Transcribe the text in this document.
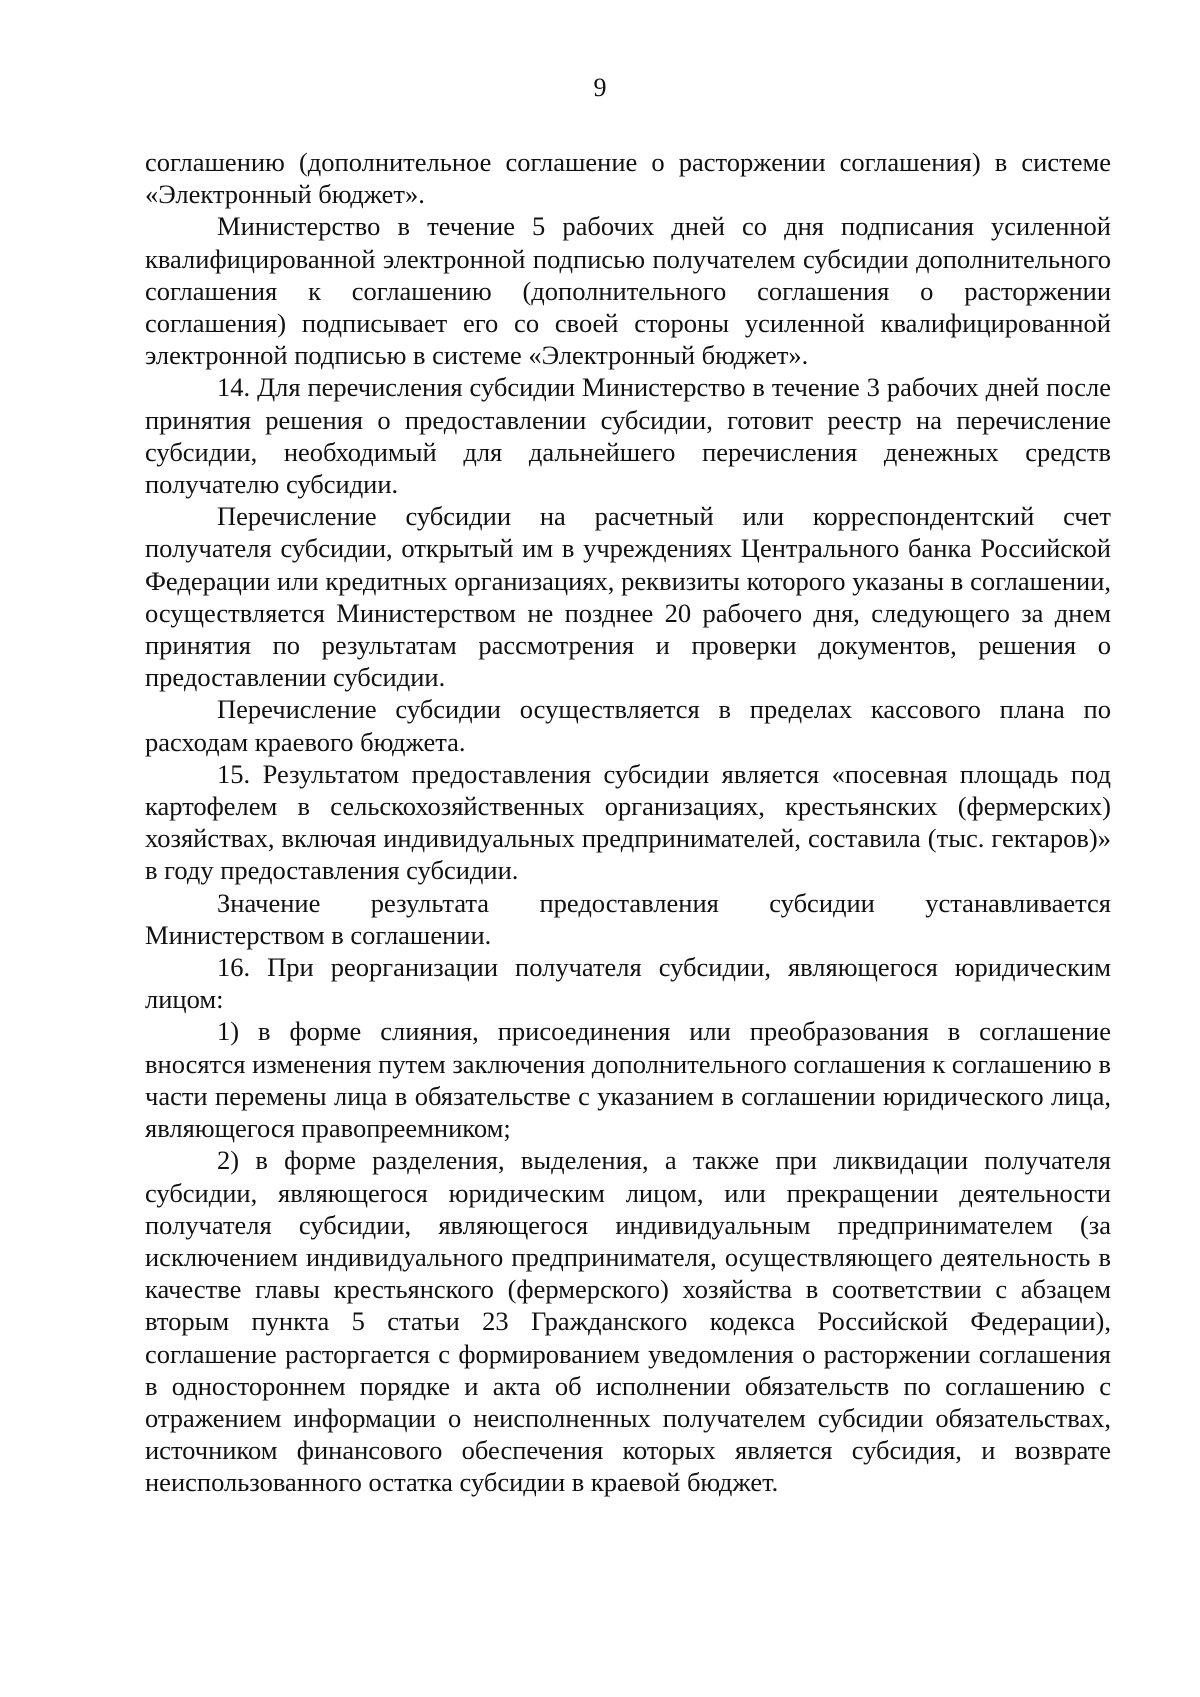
9

соглашению (дополнительное соглашение о расторжении соглашения) в системе «Электронный бюджет».

Министерство в течение 5 рабочих дней со дня подписания усиленной квалифицированной электронной подписью получателем субсидии дополнительного соглашения к соглашению (дополнительного соглашения о расторжении соглашения) подписывает его со своей стороны усиленной квалифицированной электронной подписью в системе «Электронный бюджет».

14. Для перечисления субсидии Министерство в течение 3 рабочих дней после принятия решения о предоставлении субсидии, готовит реестр на перечисление субсидии, необходимый для дальнейшего перечисления денежных средств получателю субсидии.

Перечисление субсидии на расчетный или корреспондентский счет получателя субсидии, открытый им в учреждениях Центрального банка Российской Федерации или кредитных организациях, реквизиты которого указаны в соглашении, осуществляется Министерством не позднее 20 рабочего дня, следующего за днем принятия по результатам рассмотрения и проверки документов, решения о предоставлении субсидии.

Перечисление субсидии осуществляется в пределах кассового плана по расходам краевого бюджета.

15. Результатом предоставления субсидии является «посевная площадь под картофелем в сельскохозяйственных организациях, крестьянских (фермерских) хозяйствах, включая индивидуальных предпринимателей, составила (тыс. гектаров)» в году предоставления субсидии.

Значение результата предоставления субсидии устанавливается Министерством в соглашении.

16. При реорганизации получателя субсидии, являющегося юридическим лицом:

1) в форме слияния, присоединения или преобразования в соглашение вносятся изменения путем заключения дополнительного соглашения к соглашению в части перемены лица в обязательстве с указанием в соглашении юридического лица, являющегося правопреемником;

2) в форме разделения, выделения, а также при ликвидации получателя субсидии, являющегося юридическим лицом, или прекращении деятельности получателя субсидии, являющегося индивидуальным предпринимателем (за исключением индивидуального предпринимателя, осуществляющего деятельность в качестве главы крестьянского (фермерского) хозяйства в соответствии с абзацем вторым пункта 5 статьи 23 Гражданского кодекса Российской Федерации), соглашение расторгается с формированием уведомления о расторжении соглашения в одностороннем порядке и акта об исполнении обязательств по соглашению с отражением информации о неисполненных получателем субсидии обязательствах, источником финансового обеспечения которых является субсидия, и возврате неиспользованного остатка субсидии в краевой бюджет.
